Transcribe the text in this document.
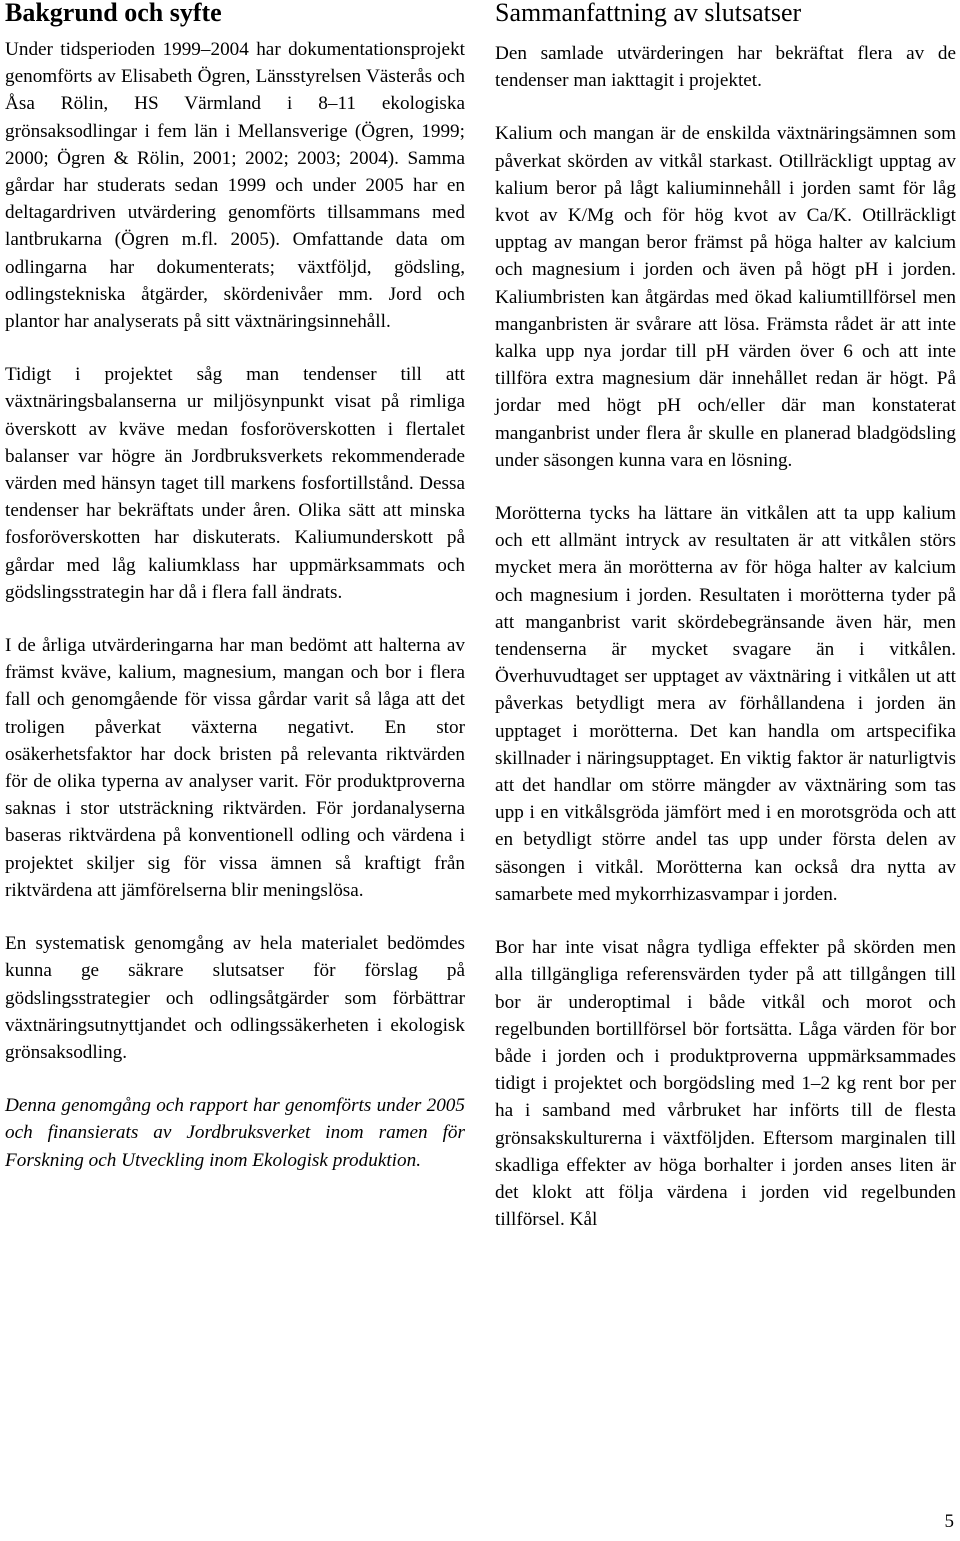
Bakgrund och syfte

Under tidsperioden 1999–2004 har dokumentationsprojekt genomförts av Elisabeth Ögren, Länsstyrelsen Västerås och Åsa Rölin, HS Värmland i 8–11 ekologiska grönsaksodlingar i fem län i Mellansverige (Ögren, 1999; 2000; Ögren & Rölin, 2001; 2002; 2003; 2004). Samma gårdar har studerats sedan 1999 och under 2005 har en deltagardriven utvärdering genomförts tillsammans med lantbrukarna (Ögren m.fl. 2005). Omfattande data om odlingarna har dokumenterats; växtföljd, gödsling, odlingstekniska åtgärder, skördenivåer mm. Jord och plantor har analyserats på sitt växtnäringsinnehåll.

Tidigt i projektet såg man tendenser till att växtnäringsbalanserna ur miljösynpunkt visat på rimliga överskott av kväve medan fosforöverskotten i flertalet balanser var högre än Jordbruksverkets rekommenderade värden med hänsyn taget till markens fosfortillstånd. Dessa tendenser har bekräftats under åren. Olika sätt att minska fosforöverskotten har diskuterats. Kaliumunderskott på gårdar med låg kaliumklass har uppmärksammats och gödslingsstrategin har då i flera fall ändrats.

I de årliga utvärderingarna har man bedömt att halterna av främst kväve, kalium, magnesium, mangan och bor i flera fall och genomgående för vissa gårdar varit så låga att det troligen påverkat växterna negativt. En stor osäkerhetsfaktor har dock bristen på relevanta riktvärden för de olika typerna av analyser varit. För produktproverna saknas i stor utsträckning riktvärden. För jordanalyserna baseras riktvärdena på konventionell odling och värdena i projektet skiljer sig för vissa ämnen så kraftigt från riktvärdena att jämförelserna blir meningslösa.

En systematisk genomgång av hela materialet bedömdes kunna ge säkrare slutsatser för förslag på gödslingsstrategier och odlingsåtgärder som förbättrar växtnäringsutnyttjandet och odlingssäkerheten i ekologisk grönsaksodling.

Denna genomgång och rapport har genomförts under 2005 och finansierats av Jordbruksverket inom ramen för Forskning och Utveckling inom Ekologisk produktion.

Sammanfattning av slutsatser

Den samlade utvärderingen har bekräftat flera av de tendenser man iakttagit i projektet.

Kalium och mangan är de enskilda växtnäringsämnen som påverkat skörden av vitkål starkast. Otillräckligt upptag av kalium beror på lågt kaliuminnehåll i jorden samt för låg kvot av K/Mg och för hög kvot av Ca/K. Otillräckligt upptag av mangan beror främst på höga halter av kalcium och magnesium i jorden och även på högt pH i jorden. Kaliumbristen kan åtgärdas med ökad kaliumtillförsel men manganbristen är svårare att lösa. Främsta rådet är att inte kalka upp nya jordar till pH värden över 6 och att inte tillföra extra magnesium där innehållet redan är högt. På jordar med högt pH och/eller där man konstaterat manganbrist under flera år skulle en planerad bladgödsling under säsongen kunna vara en lösning.

Morötterna tycks ha lättare än vitkålen att ta upp kalium och ett allmänt intryck av resultaten är att vitkålen störs mycket mera än morötterna av för höga halter av kalcium och magnesium i jorden. Resultaten i morötterna tyder på att manganbrist varit skördebegränsande även här, men tendenserna är mycket svagare än i vitkålen. Överhuvudtaget ser upptaget av växtnäring i vitkålen ut att påverkas betydligt mera av förhållandena i jorden än upptaget i morötterna. Det kan handla om artspecifika skillnader i näringsupptaget. En viktig faktor är naturligtvis att det handlar om större mängder av växtnäring som tas upp i en vitkålsgröda jämfört med i en morotsgröda och att en betydligt större andel tas upp under första delen av säsongen i vitkål. Morötterna kan också dra nytta av samarbete med mykorrhizasvampar i jorden.

Bor har inte visat några tydliga effekter på skörden men alla tillgängliga referensvärden tyder på att tillgången till bor är underoptimal i både vitkål och morot och regelbunden bortillförsel bör fortsätta. Låga värden för bor både i jorden och i produktproverna uppmärksammades tidigt i projektet och borgödsling med 1–2 kg rent bor per ha i samband med vårbruket har införts till de flesta grönsakskulturerna i växtföljden. Eftersom marginalen till skadliga effekter av höga borhalter i jorden anses liten är det klokt att följa värdena i jorden vid regelbunden tillförsel. Kål

5
